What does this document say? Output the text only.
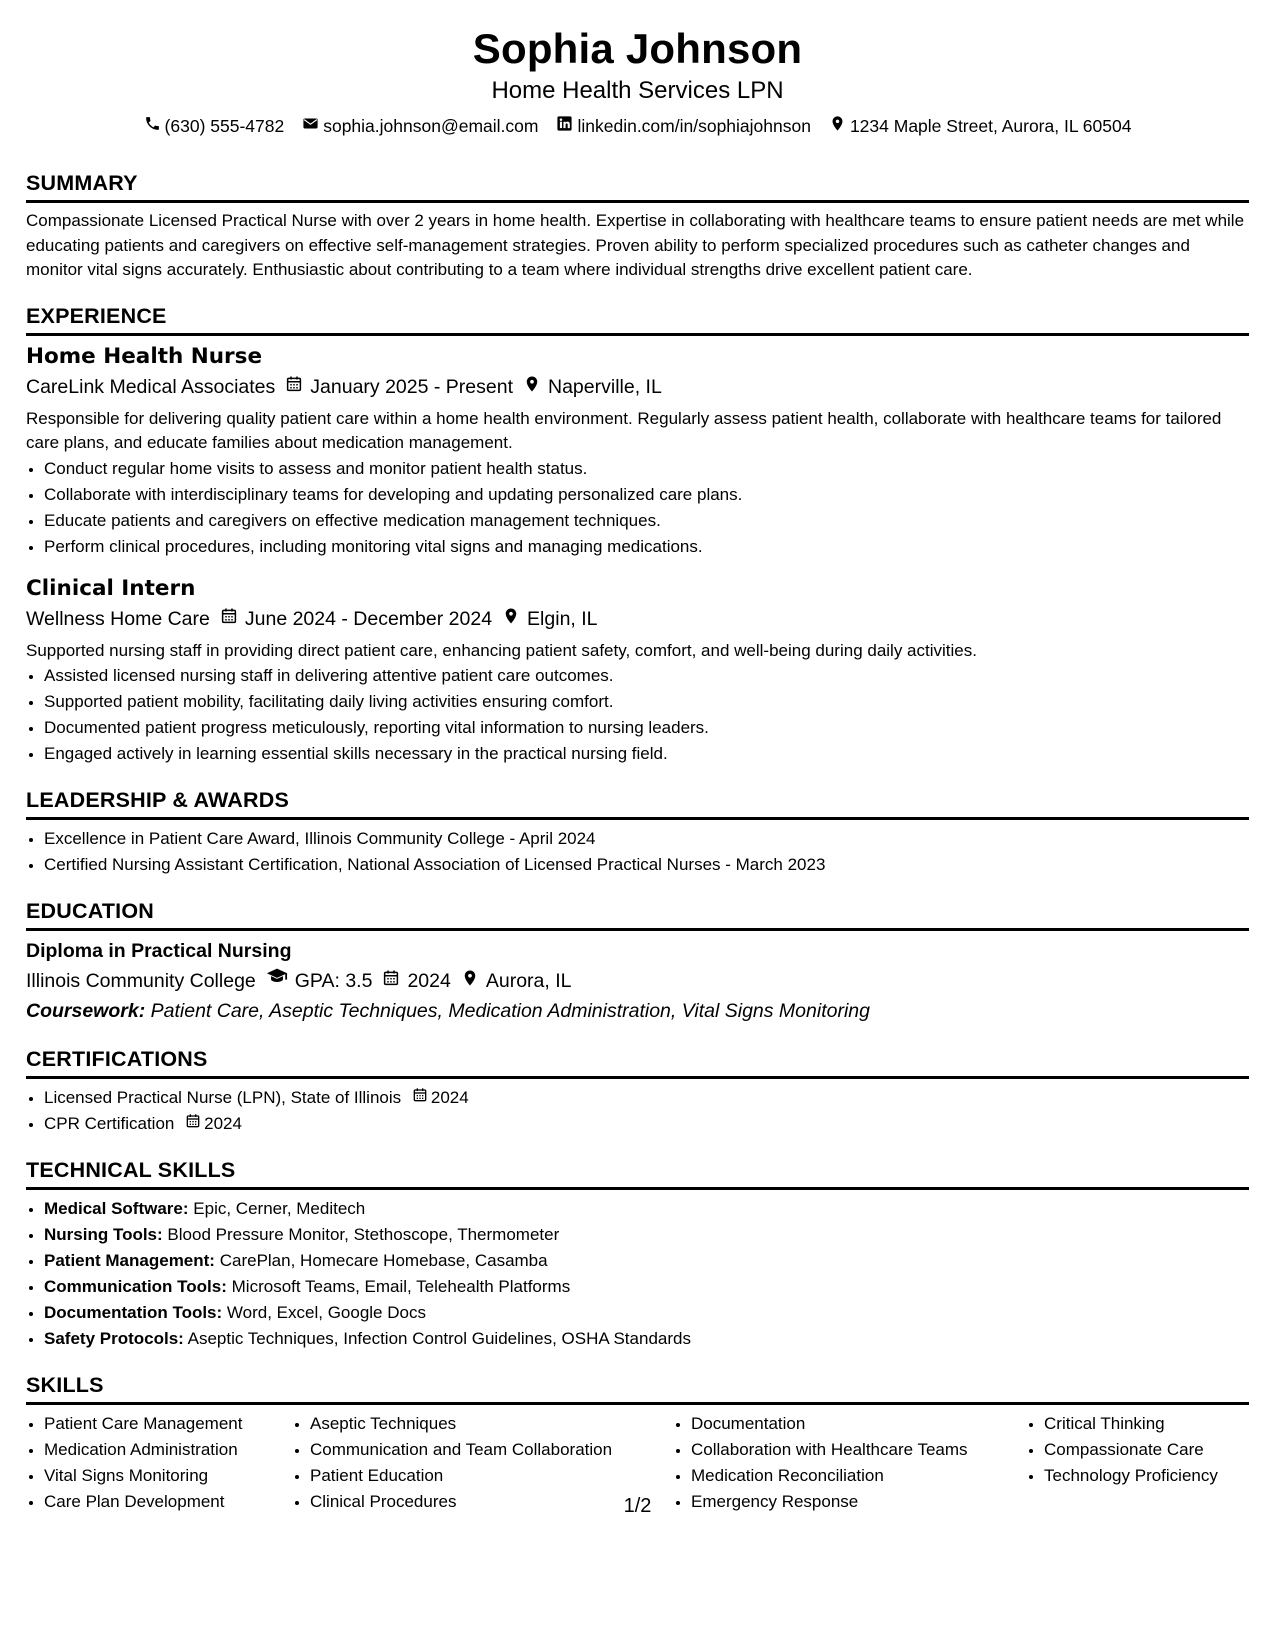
Sophia Johnson
Home Health Services LPN
(630) 555-4782 sophia.johnson@email.com linkedin.com/in/sophiajohnson 1234 Maple Street, Aurora, IL 60504
SUMMARY
Compassionate Licensed Practical Nurse with over 2 years in home health. Expertise in collaborating with healthcare teams to ensure patient needs are met while educating patients and caregivers on effective self-management strategies. Proven ability to perform specialized procedures such as catheter changes and monitor vital signs accurately. Enthusiastic about contributing to a team where individual strengths drive excellent patient care.
EXPERIENCE
Home Health Nurse
CareLink Medical Associates January 2025 - Present Naperville, IL
Responsible for delivering quality patient care within a home health environment. Regularly assess patient health, collaborate with healthcare teams for tailored care plans, and educate families about medication management.
• Conduct regular home visits to assess and monitor patient health status.
• Collaborate with interdisciplinary teams for developing and updating personalized care plans.
• Educate patients and caregivers on effective medication management techniques.
• Perform clinical procedures, including monitoring vital signs and managing medications.
Clinical Intern
Wellness Home Care June 2024 - December 2024 Elgin, IL
Supported nursing staff in providing direct patient care, enhancing patient safety, comfort, and well-being during daily activities.
• Assisted licensed nursing staff in delivering attentive patient care outcomes.
• Supported patient mobility, facilitating daily living activities ensuring comfort.
• Documented patient progress meticulously, reporting vital information to nursing leaders.
• Engaged actively in learning essential skills necessary in the practical nursing field.
LEADERSHIP & AWARDS
• Excellence in Patient Care Award, Illinois Community College - April 2024
• Certified Nursing Assistant Certification, National Association of Licensed Practical Nurses - March 2023
EDUCATION
Diploma in Practical Nursing
Illinois Community College GPA: 3.5 2024 Aurora, IL
Coursework: Patient Care, Aseptic Techniques, Medication Administration, Vital Signs Monitoring
CERTIFICATIONS
• Licensed Practical Nurse (LPN), State of Illinois 2024
• CPR Certification 2024
TECHNICAL SKILLS
• Medical Software: Epic, Cerner, Meditech
• Nursing Tools: Blood Pressure Monitor, Stethoscope, Thermometer
• Patient Management: CarePlan, Homecare Homebase, Casamba
• Communication Tools: Microsoft Teams, Email, Telehealth Platforms
• Documentation Tools: Word, Excel, Google Docs
• Safety Protocols: Aseptic Techniques, Infection Control Guidelines, OSHA Standards
SKILLS
• Patient Care Management
• Medication Administration
• Vital Signs Monitoring
• Care Plan Development
• Aseptic Techniques
• Communication and Team Collaboration
• Patient Education
• Clinical Procedures
• Documentation
• Collaboration with Healthcare Teams
• Medication Reconciliation
• Emergency Response
• Critical Thinking
• Compassionate Care
• Technology Proficiency
1/2
